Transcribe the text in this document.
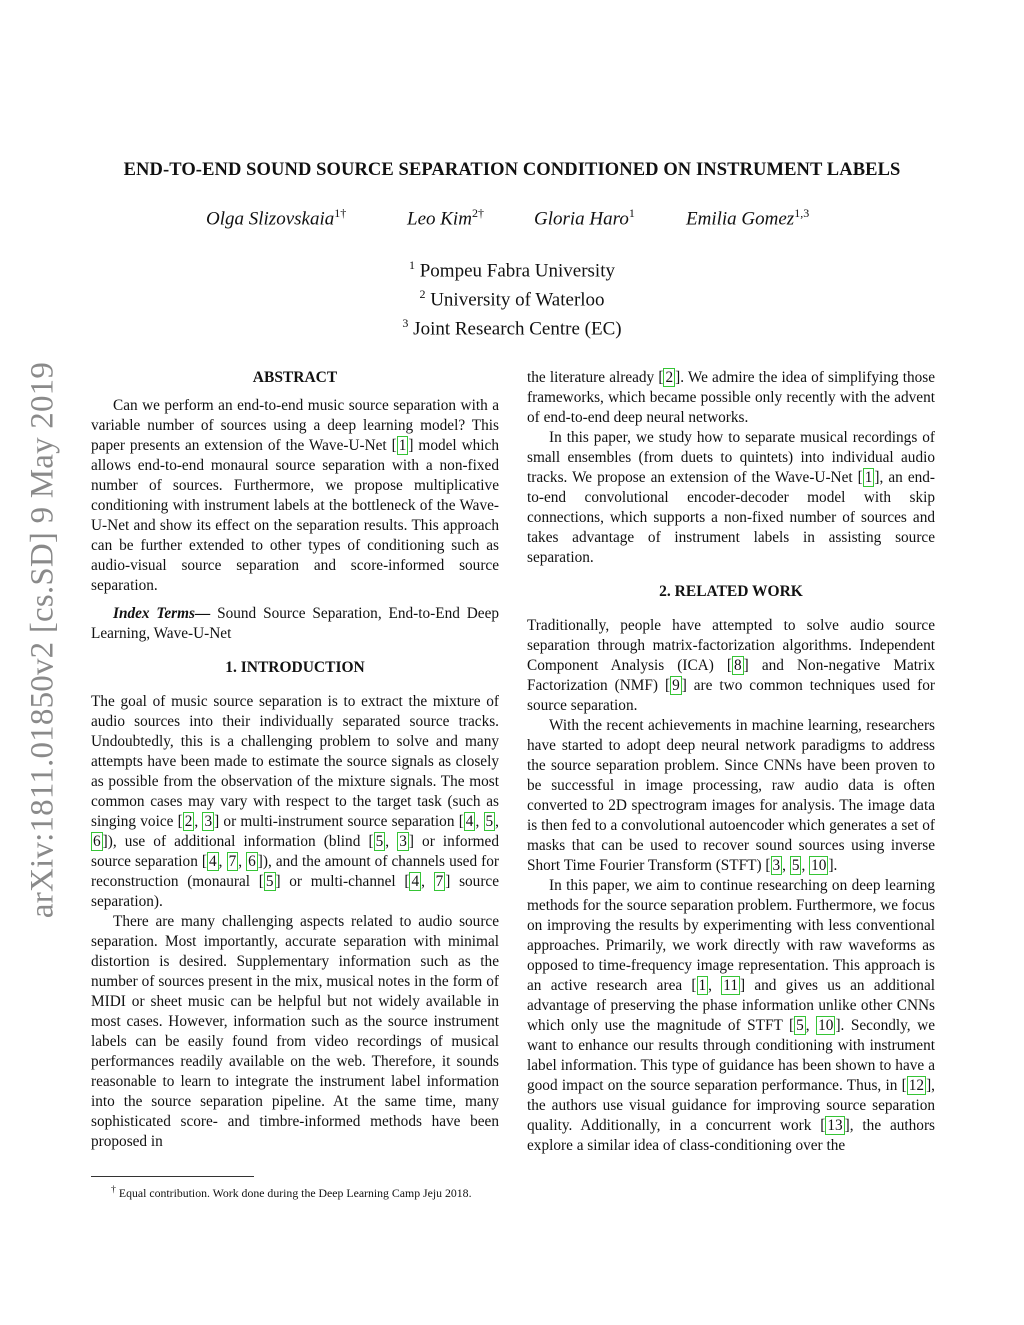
arXiv:1811.01850v2 [cs.SD] 9 May 2019
END-TO-END SOUND SOURCE SEPARATION CONDITIONED ON INSTRUMENT LABELS
Olga Slizovskaia$^{1\dagger}$	Leo Kim$^{2\dagger}$	Gloria Haro$^1$	Emilia Gomez$^{1,3}$
$^1$ Pompeu Fabra University
$^2$ University of Waterloo
$^3$ Joint Research Centre (EC)
ABSTRACT

Can we perform an end-to-end music source separation with a variable number of sources using a deep learning model? This paper presents an extension of the Wave-U-Net [ 1 ] model which allows end-to-end monaural source separation with a non-fixed number of sources. Furthermore, we propose multiplicative conditioning with instrument labels at the bottleneck of the Wave-U-Net and show its effect on the separation results. This approach can be further extended to other types of conditioning such as audio-visual source separation and score-informed source separation.

Index Terms— Sound Source Separation, End-to-End Deep Learning, Wave-U-Net

1. INTRODUCTION

The goal of music source separation is to extract the mixture of audio sources into their individually separated source tracks. Undoubtedly, this is a challenging problem to solve and many attempts have been made to estimate the source signals as closely as possible from the observation of the mixture signals. The most common cases may vary with respect to the target task (such as singing voice [ 2 , 3 ] or multi-instrument source separation [ 4 , 5 , 6 ]), use of additional information (blind [ 5 , 3 ] or informed source separation [ 4 , 7 , 6 ]), and the amount of channels used for reconstruction (monaural [ 5 ] or multi-channel [ 4 , 7 ] source separation).

There are many challenging aspects related to audio source separation. Most importantly, accurate separation with minimal distortion is desired. Supplementary information such as the number of sources present in the mix, musical notes in the form of MIDI or sheet music can be helpful but not widely available in most cases. However, information such as the source instrument labels can be easily found from video recordings of musical performances readily available on the web. Therefore, it sounds reasonable to learn to integrate the instrument label information into the source separation pipeline. At the same time, many sophisticated score- and timbre-informed methods have been proposed in

† Equal contribution. Work done during the Deep Learning Camp Jeju 2018.

the literature already [ 2 ]. We admire the idea of simplifying those frameworks, which became possible only recently with the advent of end-to-end deep neural networks.

In this paper, we study how to separate musical recordings of small ensembles (from duets to quintets) into individual audio tracks. We propose an extension of the Wave-U-Net [ 1 ], an end-to-end convolutional encoder-decoder model with skip connections, which supports a non-fixed number of sources and takes advantage of instrument labels in assisting source separation.

2. RELATED WORK

Traditionally, people have attempted to solve audio source separation through matrix-factorization algorithms. Independent Component Analysis (ICA) [ 8 ] and Non-negative Matrix Factorization (NMF) [ 9 ] are two common techniques used for source separation.

With the recent achievements in machine learning, researchers have started to adopt deep neural network paradigms to address the source separation problem. Since CNNs have been proven to be successful in image processing, raw audio data is often converted to 2D spectrogram images for analysis. The image data is then fed to a convolutional autoencoder which generates a set of masks that can be used to recover sound sources using inverse Short Time Fourier Transform (STFT) [ 3 , 5 , 10 ].

In this paper, we aim to continue researching on deep learning methods for the source separation problem. Furthermore, we focus on improving the results by experimenting with less conventional approaches. Primarily, we work directly with raw waveforms as opposed to time-frequency image representation. This approach is an active research area [ 1 , 11 ] and gives us an additional advantage of preserving the phase information unlike other CNNs which only use the magnitude of STFT [ 5 , 10 ]. Secondly, we want to enhance our results through conditioning with instrument label information. This type of guidance has been shown to have a good impact on the source separation performance. Thus, in [ 12 ], the authors use visual guidance for improving source separation quality. Additionally, in a concurrent work [ 13 ], the authors explore a similar idea of class-conditioning over the
